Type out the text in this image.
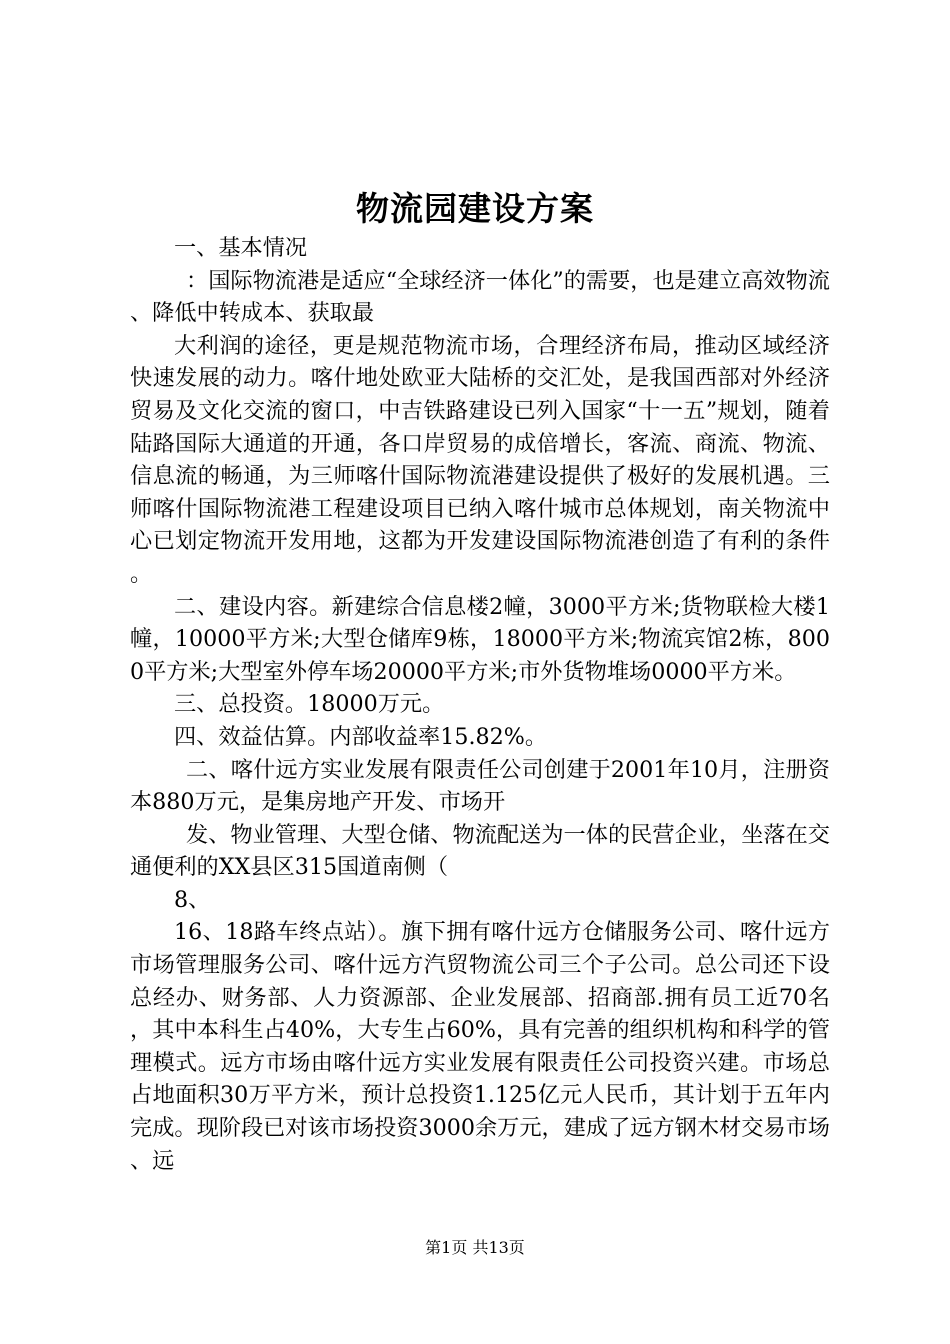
物流园建设方案

一、基本情况

：国际物流港是适应“全球经济一体化”的需要，也是建立高效物流、降低中转成本、获取最

大利润的途径，更是规范物流市场，合理经济布局，推动区域经济快速发展的动力。喀什地处欧亚大陆桥的交汇处，是我国西部对外经济贸易及文化交流的窗口，中吉铁路建设已列入国家“十一五”规划，随着陆路国际大通道的开通，各口岸贸易的成倍增长，客流、商流、物流、信息流的畅通，为三师喀什国际物流港建设提供了极好的发展机遇。三师喀什国际物流港工程建设项目已纳入喀什城市总体规划，南关物流中心已划定物流开发用地，这都为开发建设国际物流港创造了有利的条件。

二、建设内容。新建综合信息楼2幢，3000平方米;货物联检大楼1幢，10000平方米;大型仓储库9栋，18000平方米;物流宾馆2栋，8000平方米;大型室外停车场20000平方米;市外货物堆场0000平方米。

三、总投资。18000万元。

四、效益估算。内部收益率15.82%。

二、喀什远方实业发展有限责任公司创建于2001年10月，注册资本880万元，是集房地产开发、市场开

发、物业管理、大型仓储、物流配送为一体的民营企业，坐落在交通便利的XX县区315国道南侧（

8、

16、18路车终点站）。旗下拥有喀什远方仓储服务公司、喀什远方市场管理服务公司、喀什远方汽贸物流公司三个子公司。总公司还下设总经办、财务部、人力资源部、企业发展部、招商部.拥有员工近70名，其中本科生占40%，大专生占60%，具有完善的组织机构和科学的管理模式。远方市场由喀什远方实业发展有限责任公司投资兴建。市场总占地面积30万平方米，预计总投资1.125亿元人民币，其计划于五年内完成。现阶段已对该市场投资3000余万元，建成了远方钢木材交易市场、远

第1页 共13页
